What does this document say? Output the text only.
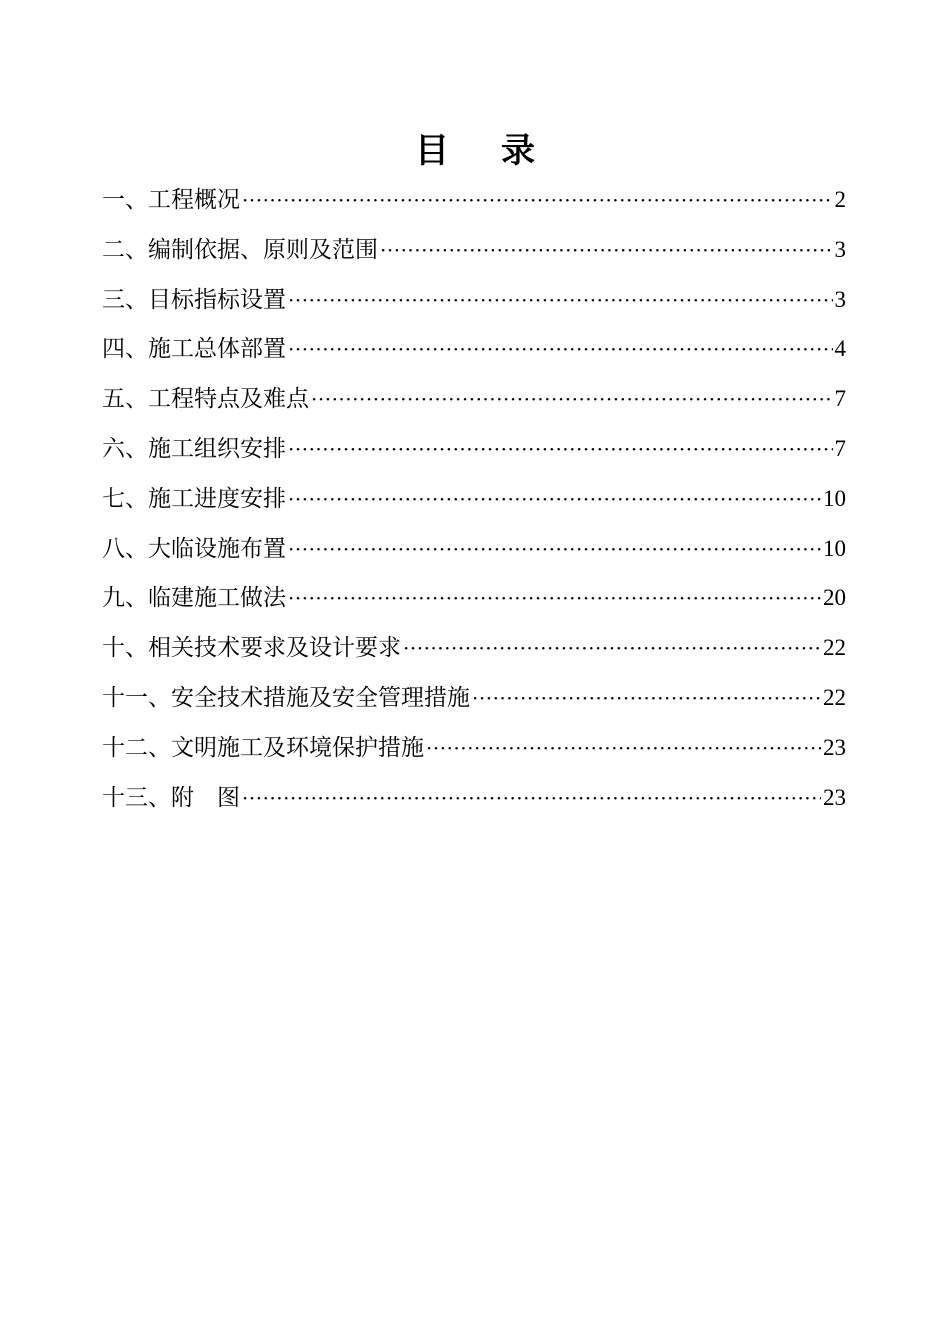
目 录
一、工程概况 ·····	2
二、编制依据、原则及范围 ·····	3
三、目标指标设置 ·····	3
四、施工总体部置 ·····	4
五、工程特点及难点 ·····	7
六、施工组织安排 ·····	7
七、施工进度安排 ·····	10
八、大临设施布置 ·····	10
九、临建施工做法 ·····	20
十、相关技术要求及设计要求 ·····	22
十一、安全技术措施及安全管理措施 ·····	22
十二、文明施工及环境保护措施 ·····	23
十三、附　图 ·····	23
